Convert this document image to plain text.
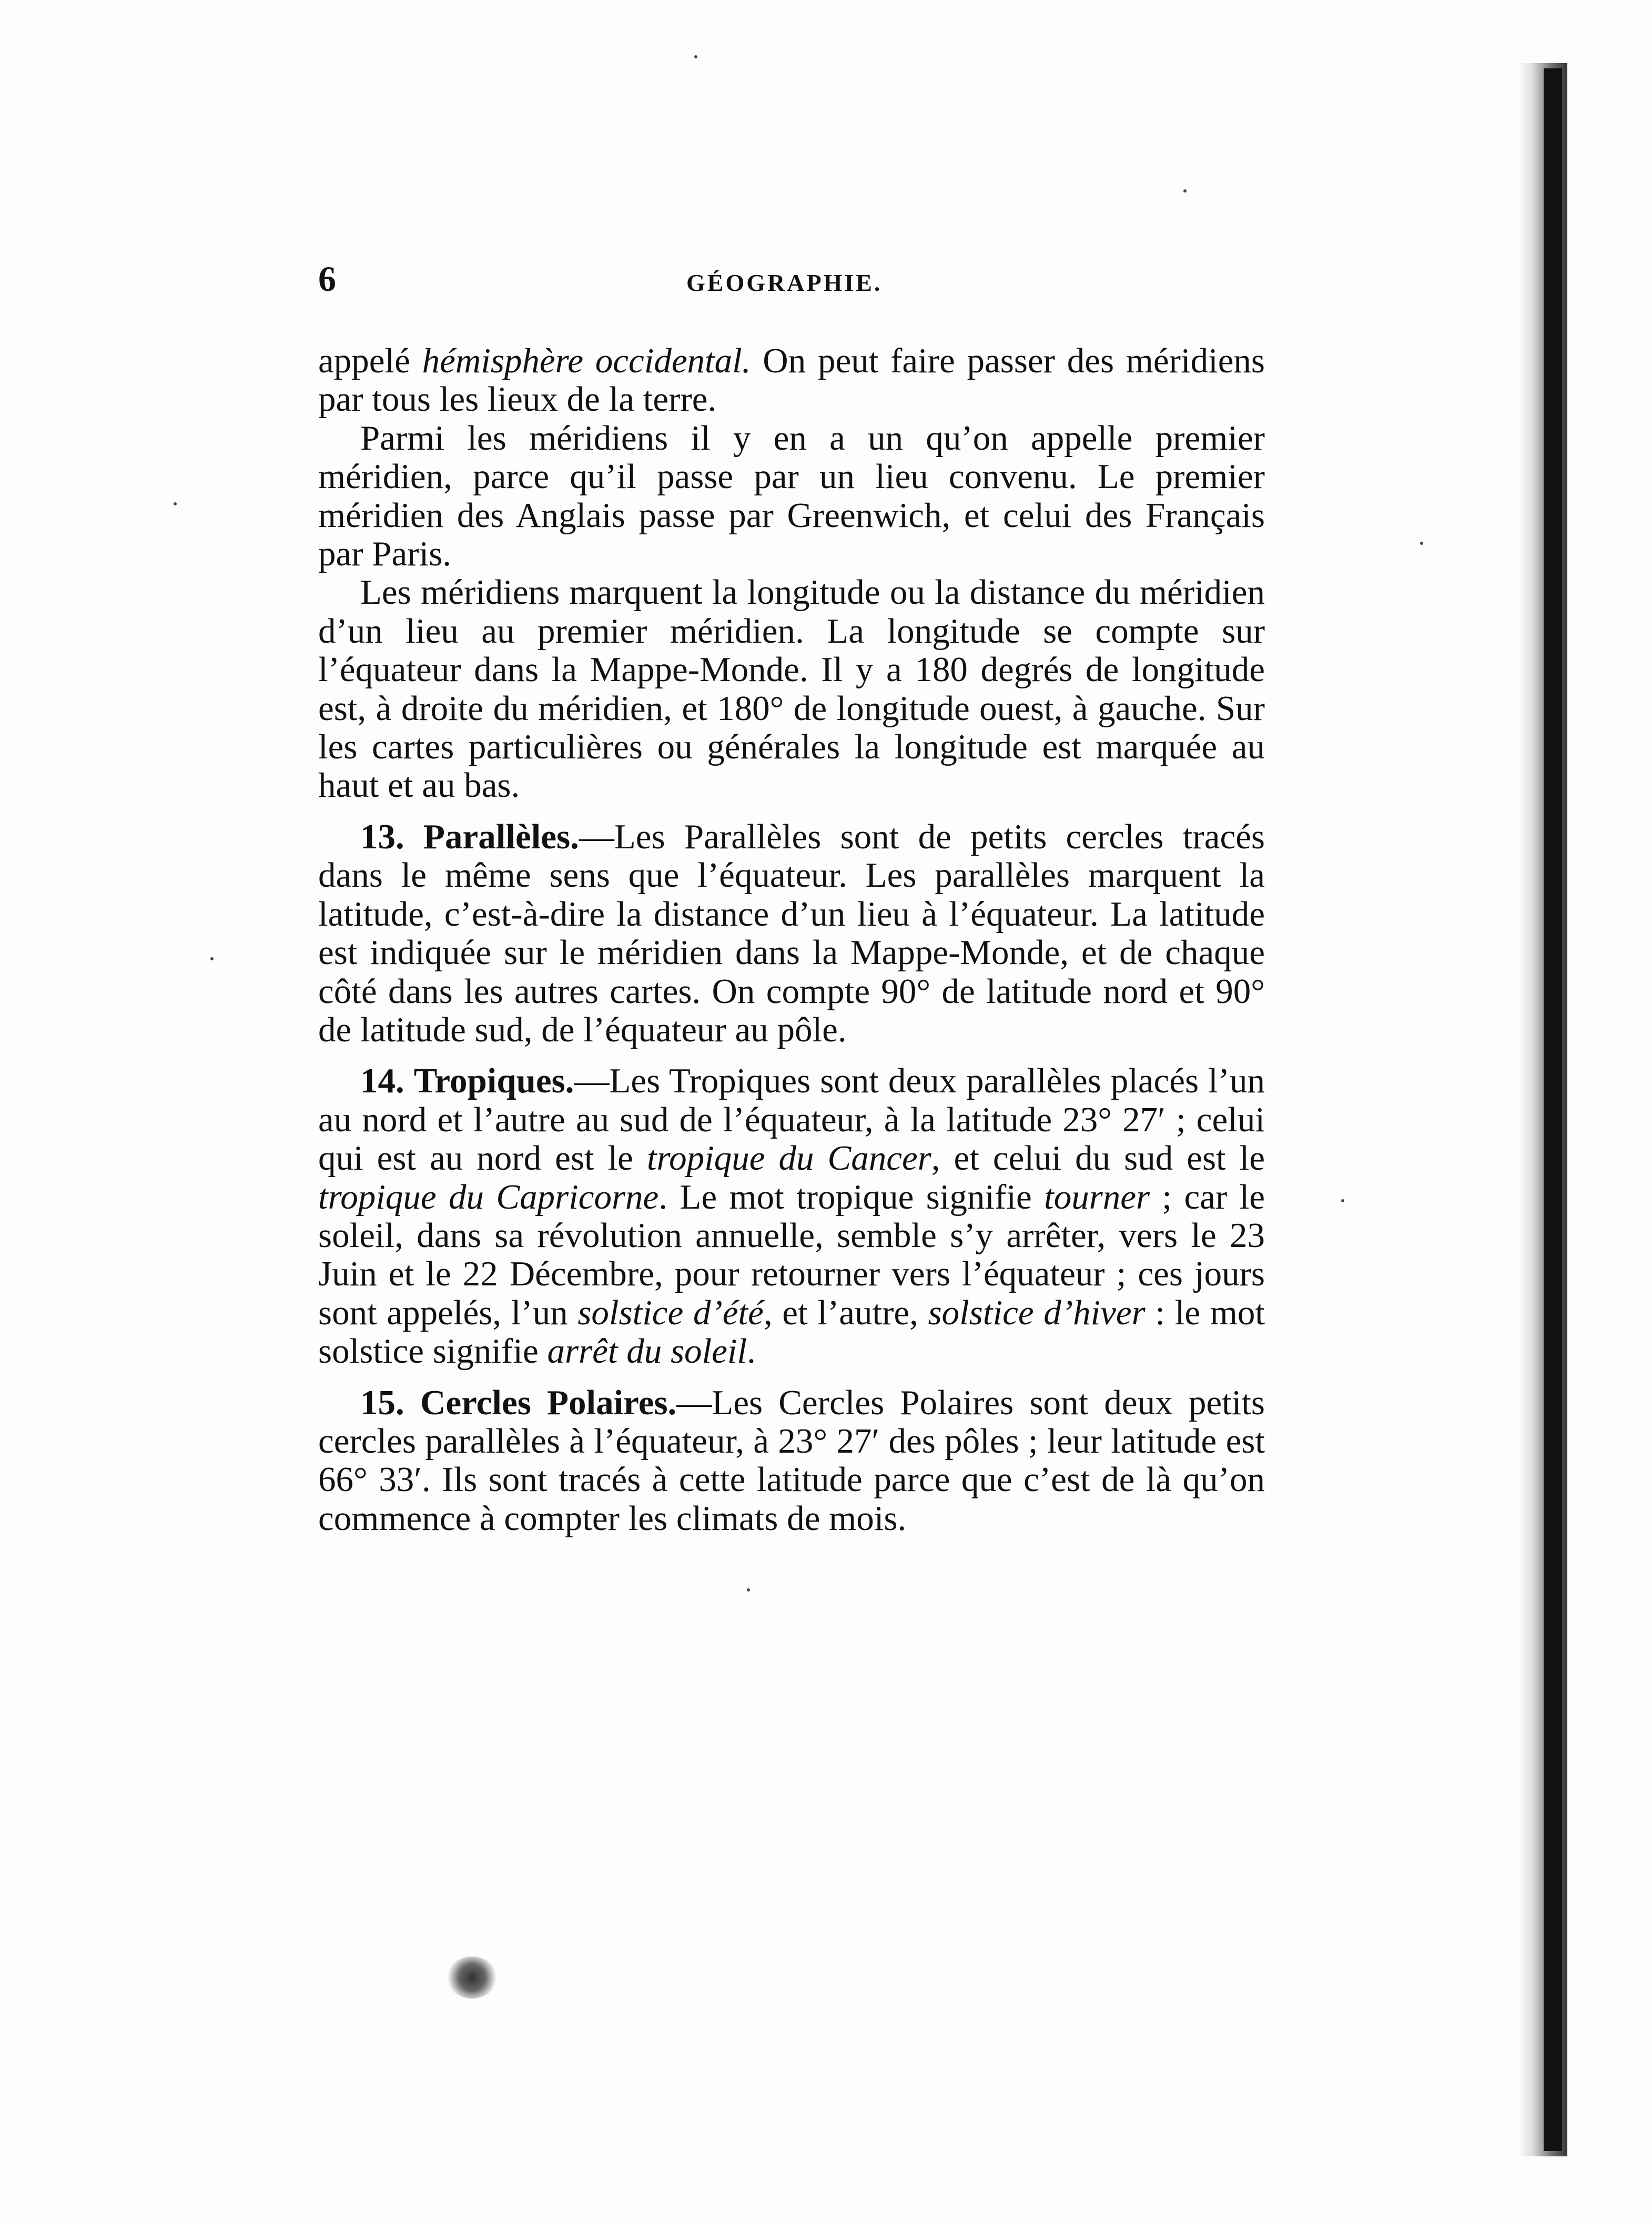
6	GÉOGRAPHIE.

appelé hémisphère occidental. On peut faire passer des méridiens par tous les lieux de la terre.

Parmi les méridiens il y en a un qu’on appelle premier méridien, parce qu’il passe par un lieu convenu. Le premier méridien des Anglais passe par Greenwich, et celui des Français par Paris.

Les méridiens marquent la longitude ou la distance du méridien d’un lieu au premier méridien. La longitude se compte sur l’équateur dans la Mappe-Monde. Il y a 180 degrés de longitude est, à droite du méridien, et 180° de longitude ouest, à gauche. Sur les cartes particulières ou générales la longitude est marquée au haut et au bas.

13. Parallèles.—Les Parallèles sont de petits cercles tracés dans le même sens que l’équateur. Les parallèles marquent la latitude, c’est-à-dire la distance d’un lieu à l’équateur. La latitude est indiquée sur le méridien dans la Mappe-Monde, et de chaque côté dans les autres cartes. On compte 90° de latitude nord et 90° de latitude sud, de l’équateur au pôle.

14. Tropiques.—Les Tropiques sont deux parallèles placés l’un au nord et l’autre au sud de l’équateur, à la latitude 23° 27′ ; celui qui est au nord est le tropique du Cancer, et celui du sud est le tropique du Capricorne. Le mot tropique signifie tourner ; car le soleil, dans sa révolution annuelle, semble s’y arrêter, vers le 23 Juin et le 22 Décembre, pour retourner vers l’équateur ; ces jours sont appelés, l’un solstice d’été, et l’autre, solstice d’hiver : le mot solstice signifie arrêt du soleil.

15. Cercles Polaires.—Les Cercles Polaires sont deux petits cercles parallèles à l’équateur, à 23° 27′ des pôles ; leur latitude est 66° 33′. Ils sont tracés à cette latitude parce que c’est de là qu’on commence à compter les climats de mois.
